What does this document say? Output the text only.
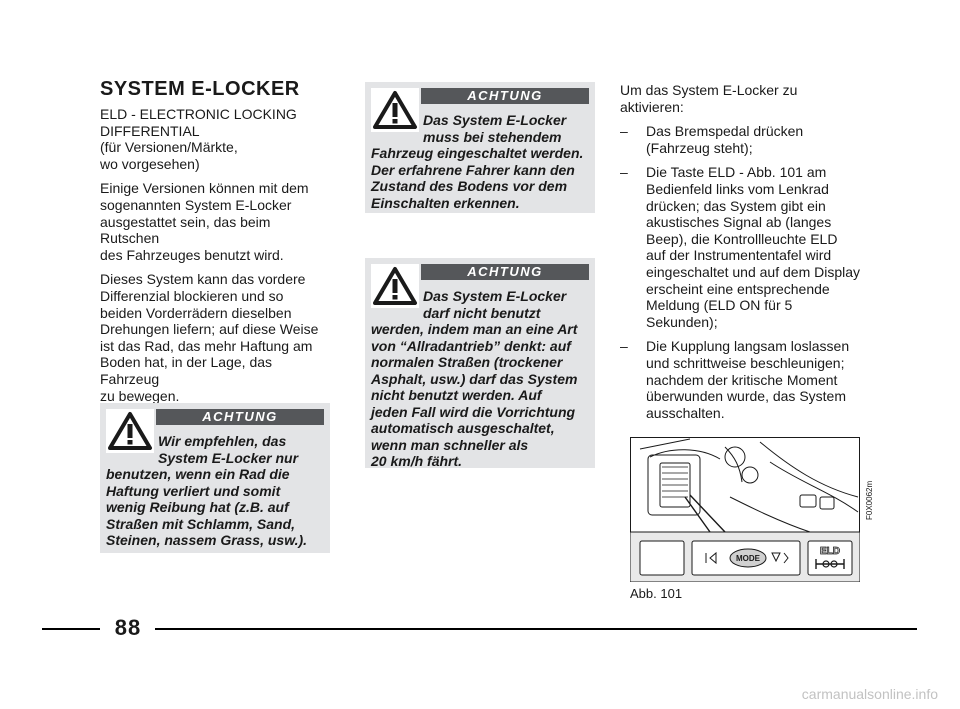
SYSTEM E-LOCKER
ELD - ELECTRONIC LOCKING
DIFFERENTIAL
(für Versionen/Märkte,
wo vorgesehen)
Einige Versionen können mit dem
sogenannten System E-Locker
ausgestattet sein, das beim Rutschen
des Fahrzeuges benutzt wird.
Dieses System kann das vordere
Differenzial blockieren und so
beiden Vorderrädern dieselben
Drehungen liefern; auf diese Weise
ist das Rad, das mehr Haftung am
Boden hat, in der Lage, das Fahrzeug
zu bewegen.
ACHTUNG
Das System E-Locker
muss bei stehendem
Fahrzeug eingeschaltet werden.
Der erfahrene Fahrer kann den
Zustand des Bodens vor dem
Einschalten erkennen.
ACHTUNG
Das System E-Locker
darf nicht benutzt
werden, indem man an eine Art
von “Allradantrieb” denkt: auf
normalen Straßen (trockener
Asphalt, usw.) darf das System
nicht benutzt werden. Auf
jeden Fall wird die Vorrichtung
automatisch ausgeschaltet,
wenn man schneller als
20 km/h fährt.
ACHTUNG
Wir empfehlen, das
System E-Locker nur
benutzen, wenn ein Rad die
Haftung verliert und somit
wenig Reibung hat (z.B. auf
Straßen mit Schlamm, Sand,
Steinen, nassem Grass, usw.).
Um das System E-Locker zu
aktivieren:
–	Das Bremspedal drücken
(Fahrzeug steht);
–	Die Taste ELD - Abb. 101 am
Bedienfeld links vom Lenkrad
drücken; das System gibt ein
akustisches Signal ab (langes
Beep), die Kontrollleuchte ELD
auf der Instrumententafel wird
eingeschaltet und auf dem Display
erscheint eine entsprechende
Meldung (ELD ON für 5
Sekunden);
–	Die Kupplung langsam loslassen
und schrittweise beschleunigen;
nachdem der kritische Moment
überwunden wurde, das System
ausschalten.
MODE
ELD
F0X0062m
Abb. 101
88
carmanualsonline.info
